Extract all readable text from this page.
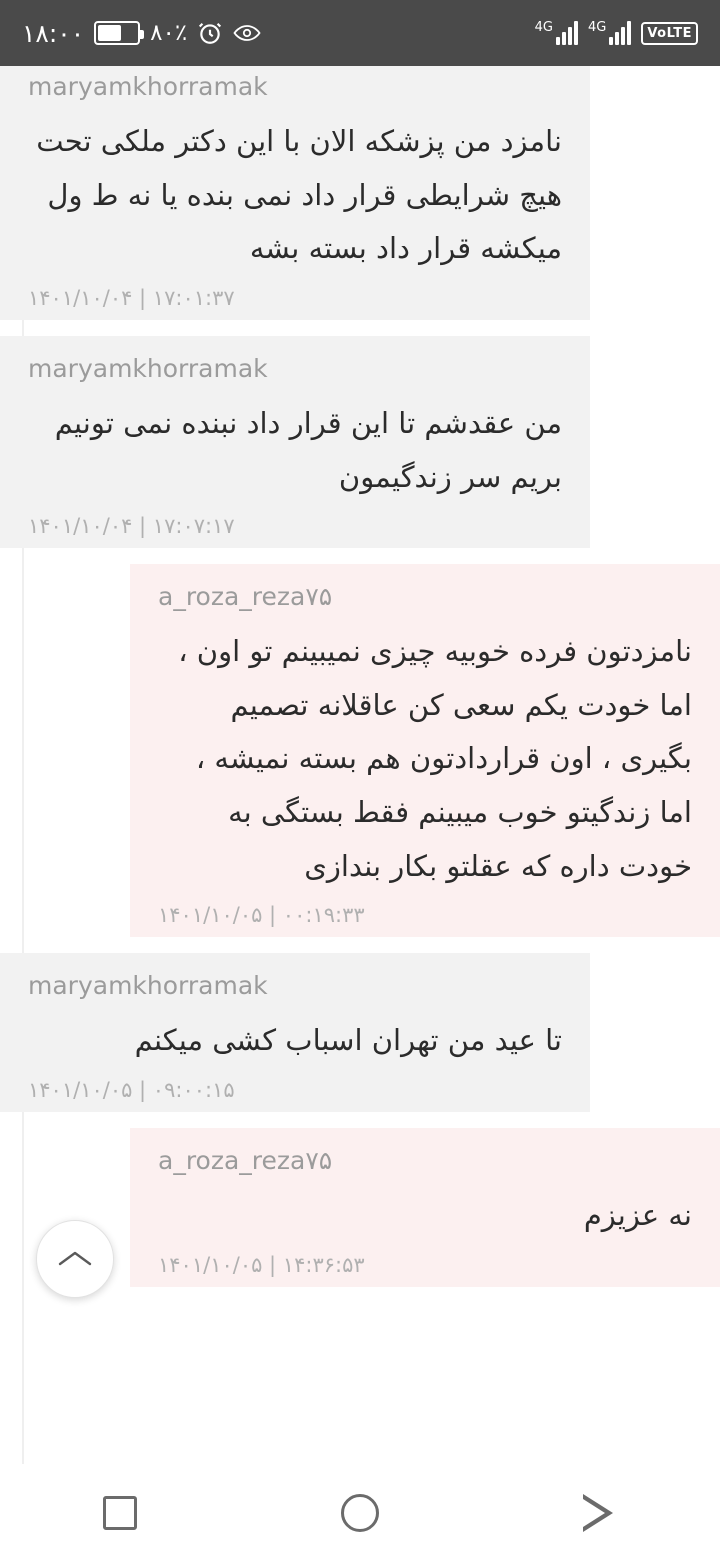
۱۸:۰۰	۸۰٪	4G	4G	VoLTE
maryamkhorramak
نامزد من پزشکه الان با این دکتر ملکی تحت هیچ شرایطی قرار داد نمی بنده یا نه ط ول میکشه قرار داد بسته بشه
۱۴۰۱/۱۰/۰۴ | ۱۷:۰۱:۳۷
maryamkhorramak
من عقدشم تا این قرار داد نبنده نمی تونیم بریم سر زندگیمون
۱۴۰۱/۱۰/۰۴ | ۱۷:۰۷:۱۷
a_roza_reza۷۵
نامزدتون فرده خوبیه چیزی نمیبینم تو اون ، اما خودت یکم سعی کن عاقلانه تصمیم بگیری ، اون قراردادتون هم بسته نمیشه ، اما زندگیتو خوب میبینم فقط بستگی به خودت داره که عقلتو بکار بندازی
۱۴۰۱/۱۰/۰۵ | ۰۰:۱۹:۳۳
maryamkhorramak
تا عید من تهران اسباب کشی میکنم
۱۴۰۱/۱۰/۰۵ | ۰۹:۰۰:۱۵
a_roza_reza۷۵
نه عزیزم
۱۴۰۱/۱۰/۰۵ | ۱۴:۳۶:۵۳
